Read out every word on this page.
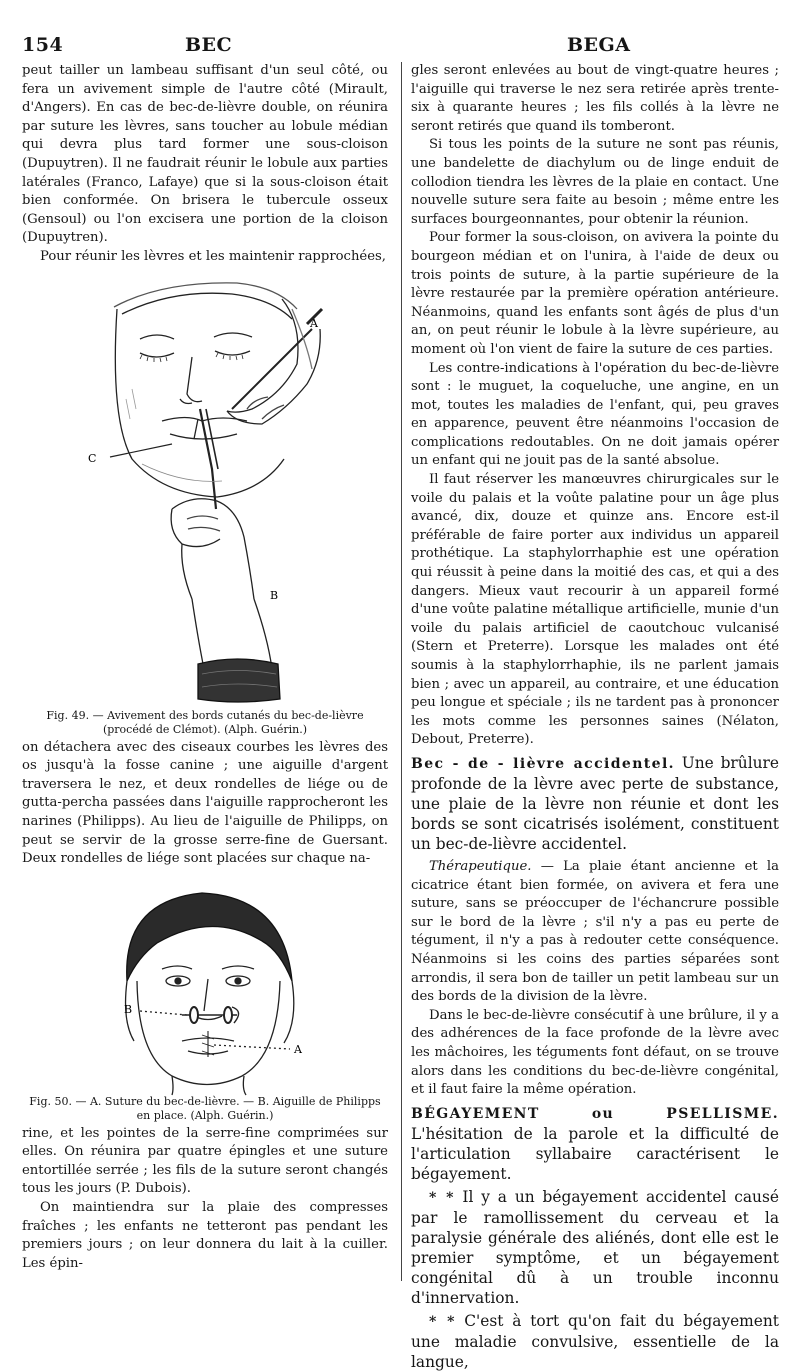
154	BEC	BEGA

peut tailler un lambeau suffisant d'un seul côté, ou fera un avivement simple de l'autre côté (Mirault, d'Angers). En cas de bec-de-lièvre double, on réunira par suture les lèvres, sans toucher au lobule médian qui devra plus tard former une sous-cloison (Dupuytren). Il ne faudrait réunir le lobule aux parties latérales (Franco, Lafaye) que si la sous-cloison était bien conformée. On brisera le tubercule osseux (Gensoul) ou l'on excisera une portion de la cloison (Dupuytren).

Pour réunir les lèvres et les maintenir rapprochées,

A
B
C

Fig. 49. — Avivement des bords cutanés du bec-de-lièvre (procédé de Clémot). (Alph. Guérin.)

on détachera avec des ciseaux courbes les lèvres des os jusqu'à la fosse canine ; une aiguille d'argent traversera le nez, et deux rondelles de liége ou de gutta-percha passées dans l'aiguille rapprocheront les narines (Philipps). Au lieu de l'aiguille de Philipps, on peut se servir de la grosse serre-fine de Guersant. Deux rondelles de liége sont placées sur chaque na-

B
A

Fig. 50. — A. Suture du bec-de-lièvre. — B. Aiguille de Philipps en place. (Alph. Guérin.)

rine, et les pointes de la serre-fine comprimées sur elles. On réunira par quatre épingles et une suture entortillée serrée ; les fils de la suture seront changés tous les jours (P. Dubois).

On maintiendra sur la plaie des compresses fraîches ; les enfants ne tetteront pas pendant les premiers jours ; on leur donnera du lait à la cuiller. Les épin-

gles seront enlevées au bout de vingt-quatre heures ; l'aiguille qui traverse le nez sera retirée après trente-six à quarante heures ; les fils collés à la lèvre ne seront retirés que quand ils tomberont.

Si tous les points de la suture ne sont pas réunis, une bandelette de diachylum ou de linge enduit de collodion tiendra les lèvres de la plaie en contact. Une nouvelle suture sera faite au besoin ; même entre les surfaces bourgeonnantes, pour obtenir la réunion.

Pour former la sous-cloison, on avivera la pointe du bourgeon médian et on l'unira, à l'aide de deux ou trois points de suture, à la partie supérieure de la lèvre restaurée par la première opération antérieure. Néanmoins, quand les enfants sont âgés de plus d'un an, on peut réunir le lobule à la lèvre supérieure, au moment où l'on vient de faire la suture de ces parties.

Les contre-indications à l'opération du bec-de-lièvre sont : le muguet, la coqueluche, une angine, en un mot, toutes les maladies de l'enfant, qui, peu graves en apparence, peuvent être néanmoins l'occasion de complications redoutables. On ne doit jamais opérer un enfant qui ne jouit pas de la santé absolue.

Il faut réserver les manœuvres chirurgicales sur le voile du palais et la voûte palatine pour un âge plus avancé, dix, douze et quinze ans. Encore est-il préférable de faire porter aux individus un appareil prothétique. La staphylorrhaphie est une opération qui réussit à peine dans la moitié des cas, et qui a des dangers. Mieux vaut recourir à un appareil formé d'une voûte palatine métallique artificielle, munie d'un voile du palais artificiel de caoutchouc vulcanisé (Stern et Preterre). Lorsque les malades ont été soumis à la staphylorrhaphie, ils ne parlent jamais bien ; avec un appareil, au contraire, et une éducation peu longue et spéciale ; ils ne tardent pas à prononcer les mots comme les personnes saines (Nélaton, Debout, Preterre).

Bec - de - lièvre accidentel. Une brûlure profonde de la lèvre avec perte de substance, une plaie de la lèvre non réunie et dont les bords se sont cicatrisés isolément, constituent un bec-de-lièvre accidentel.

Thérapeutique. — La plaie étant ancienne et la cicatrice étant bien formée, on avivera et fera une suture, sans se préoccuper de l'échancrure possible sur le bord de la lèvre ; s'il n'y a pas eu perte de tégument, il n'y a pas à redouter cette conséquence. Néanmoins si les coins des parties séparées sont arrondis, il sera bon de tailler un petit lambeau sur un des bords de la division de la lèvre.

Dans le bec-de-lièvre consécutif à une brûlure, il y a des adhérences de la face profonde de la lèvre avec les mâchoires, les téguments font défaut, on se trouve alors dans les conditions du bec-de-lièvre congénital, et il faut faire la même opération.

BÉGAYEMENT ou PSELLISME. L'hésitation de la parole et la difficulté de l'articulation syllabaire caractérisent le bégayement.

* * Il y a un bégayement accidentel causé par le ramollissement du cerveau et la paralysie générale des aliénés, dont elle est le premier symptôme, et un bégayement congénital dû à un trouble inconnu d'innervation.

* * C'est à tort qu'on fait du bégayement une maladie convulsive, essentielle de la langue,
